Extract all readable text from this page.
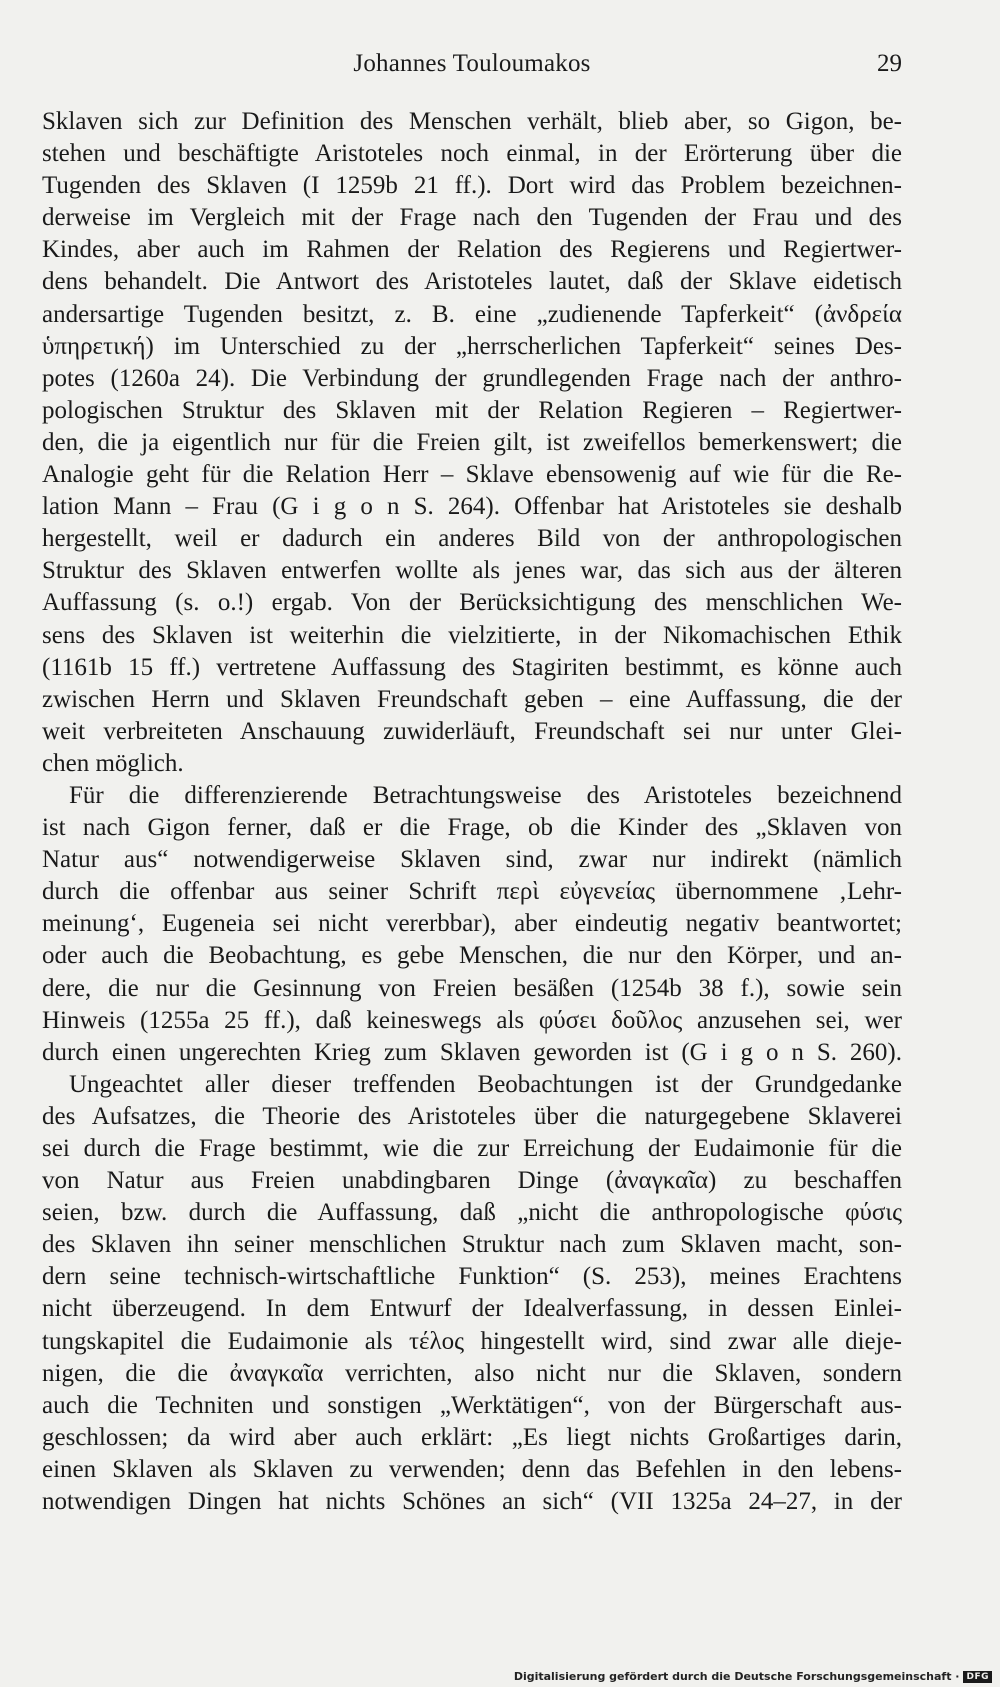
Johannes Touloumakos	29
Sklaven sich zur Definition des Menschen verhält, blieb aber, so Gigon, be-
stehen und beschäftigte Aristoteles noch einmal, in der Erörterung über die
Tugenden des Sklaven (I 1259b 21 ff.). Dort wird das Problem bezeichnen-
derweise im Vergleich mit der Frage nach den Tugenden der Frau und des
Kindes, aber auch im Rahmen der Relation des Regierens und Regiertwer-
dens behandelt. Die Antwort des Aristoteles lautet, daß der Sklave eidetisch
andersartige Tugenden besitzt, z. B. eine „zudienende Tapferkeit“ (ἀνδρεία
ὑπηρετική) im Unterschied zu der „herrscherlichen Tapferkeit“ seines Des-
potes (1260a 24). Die Verbindung der grundlegenden Frage nach der anthro-
pologischen Struktur des Sklaven mit der Relation Regieren – Regiertwer-
den, die ja eigentlich nur für die Freien gilt, ist zweifellos bemerkenswert; die
Analogie geht für die Relation Herr – Sklave ebensowenig auf wie für die Re-
lation Mann – Frau (G i g o n S. 264). Offenbar hat Aristoteles sie deshalb
hergestellt, weil er dadurch ein anderes Bild von der anthropologischen
Struktur des Sklaven entwerfen wollte als jenes war, das sich aus der älteren
Auffassung (s. o.!) ergab. Von der Berücksichtigung des menschlichen We-
sens des Sklaven ist weiterhin die vielzitierte, in der Nikomachischen Ethik
(1161b 15 ff.) vertretene Auffassung des Stagiriten bestimmt, es könne auch
zwischen Herrn und Sklaven Freundschaft geben – eine Auffassung, die der
weit verbreiteten Anschauung zuwiderläuft, Freundschaft sei nur unter Glei-
chen möglich.
Für die differenzierende Betrachtungsweise des Aristoteles bezeichnend
ist nach Gigon ferner, daß er die Frage, ob die Kinder des „Sklaven von
Natur aus“ notwendigerweise Sklaven sind, zwar nur indirekt (nämlich
durch die offenbar aus seiner Schrift περὶ εὐγενείας übernommene ‚Lehr-
meinung‘, Eugeneia sei nicht vererbbar), aber eindeutig negativ beantwortet;
oder auch die Beobachtung, es gebe Menschen, die nur den Körper, und an-
dere, die nur die Gesinnung von Freien besäßen (1254b 38 f.), sowie sein
Hinweis (1255a 25 ff.), daß keineswegs als φύσει δοῦλος anzusehen sei, wer
durch einen ungerechten Krieg zum Sklaven geworden ist (G i g o n S. 260).
Ungeachtet aller dieser treffenden Beobachtungen ist der Grundgedanke
des Aufsatzes, die Theorie des Aristoteles über die naturgegebene Sklaverei
sei durch die Frage bestimmt, wie die zur Erreichung der Eudaimonie für die
von Natur aus Freien unabdingbaren Dinge (ἀναγκαῖα) zu beschaffen
seien, bzw. durch die Auffassung, daß „nicht die anthropologische φύσις
des Sklaven ihn seiner menschlichen Struktur nach zum Sklaven macht, son-
dern seine technisch-wirtschaftliche Funktion“ (S. 253), meines Erachtens
nicht überzeugend. In dem Entwurf der Idealverfassung, in dessen Einlei-
tungskapitel die Eudaimonie als τέλος hingestellt wird, sind zwar alle dieje-
nigen, die die ἀναγκαῖα verrichten, also nicht nur die Sklaven, sondern
auch die Techniten und sonstigen „Werktätigen“, von der Bürgerschaft aus-
geschlossen; da wird aber auch erklärt: „Es liegt nichts Großartiges darin,
einen Sklaven als Sklaven zu verwenden; denn das Befehlen in den lebens-
notwendigen Dingen hat nichts Schönes an sich“ (VII 1325a 24–27, in der
Digitalisierung gefördert durch die Deutsche Forschungsgemeinschaft · DFG
